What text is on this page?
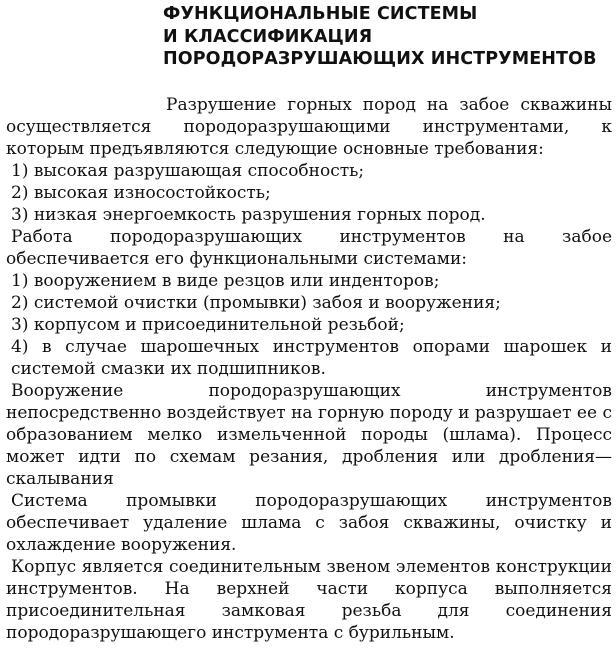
ФУНКЦИОНАЛЬНЫЕ СИСТЕМЫ
И КЛАССИФИКАЦИЯ
ПОРОДОРАЗРУШАЮЩИХ ИНСТРУМЕНТОВ

Разрушение горных пород на забое скважины осуществляется породоразрушающими инструментами, к которым предъявляются следующие основные требования:

1) высокая разрушающая способность;

2) высокая износостойкость;

3) низкая энергоемкость разрушения горных пород.

Работа породоразрушающих инструментов на забое обеспечивается его функциональными системами:

1) вооружением в виде резцов или инденторов;

2) системой очистки (промывки) забоя и вооружения;

3) корпусом и присоединительной резьбой;

4) в случае шарошечных инструментов опорами шарошек и системой смазки их подшипников.

Вооружение породоразрушающих инструментов непосредственно воздействует на горную породу и разрушает ее с образованием мелко измельченной породы (шлама). Процесс может идти по схемам резания, дробления или дробления— скалывания

Система промывки породоразрушающих инструментов обеспечивает удаление шлама с забоя скважины, очистку и охлаждение вооружения.

Корпус является соединительным звеном элементов конструкции инструментов. На верхней части корпуса выполняется присоединительная замковая резьба для соединения породоразрушающего инструмента с бурильным.
